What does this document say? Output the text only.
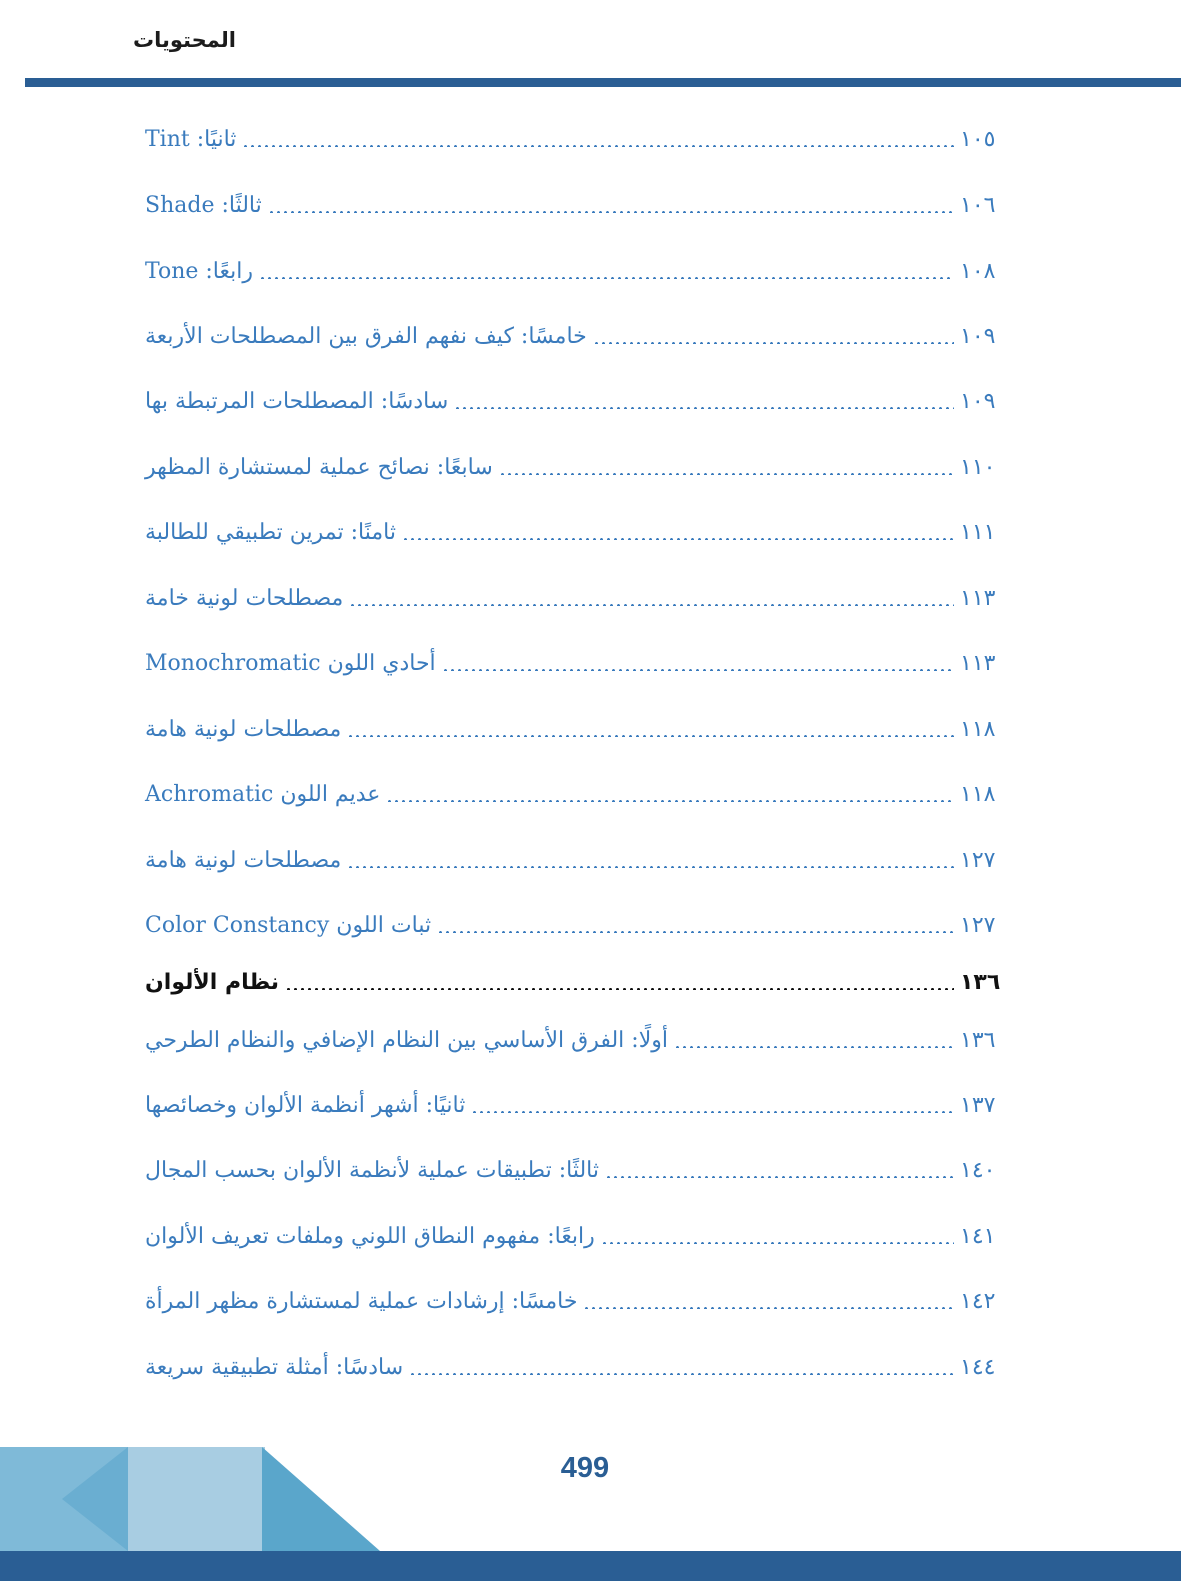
المحتويات
ثانيًا: Tint	١٠٥
ثالثًا: Shade	١٠٦
رابعًا: Tone	١٠٨
خامسًا: كيف نفهم الفرق بين المصطلحات الأربعة	١٠٩
سادسًا: المصطلحات المرتبطة بها	١٠٩
سابعًا: نصائح عملية لمستشارة المظهر	١١٠
ثامنًا: تمرين تطبيقي للطالبة	١١١
مصطلحات لونية خامة	١١٣
أحادي اللون Monochromatic	١١٣
مصطلحات لونية هامة	١١٨
عديم اللون Achromatic	١١٨
مصطلحات لونية هامة	١٢٧
ثبات اللون Color Constancy	١٢٧
نظام الألوان	١٣٦
أولًا: الفرق الأساسي بين النظام الإضافي والنظام الطرحي	١٣٦
ثانيًا: أشهر أنظمة الألوان وخصائصها	١٣٧
ثالثًا: تطبيقات عملية لأنظمة الألوان بحسب المجال	١٤٠
رابعًا: مفهوم النطاق اللوني وملفات تعريف الألوان	١٤١
خامسًا: إرشادات عملية لمستشارة مظهر المرأة	١٤٢
سادسًا: أمثلة تطبيقية سريعة	١٤٤
499
